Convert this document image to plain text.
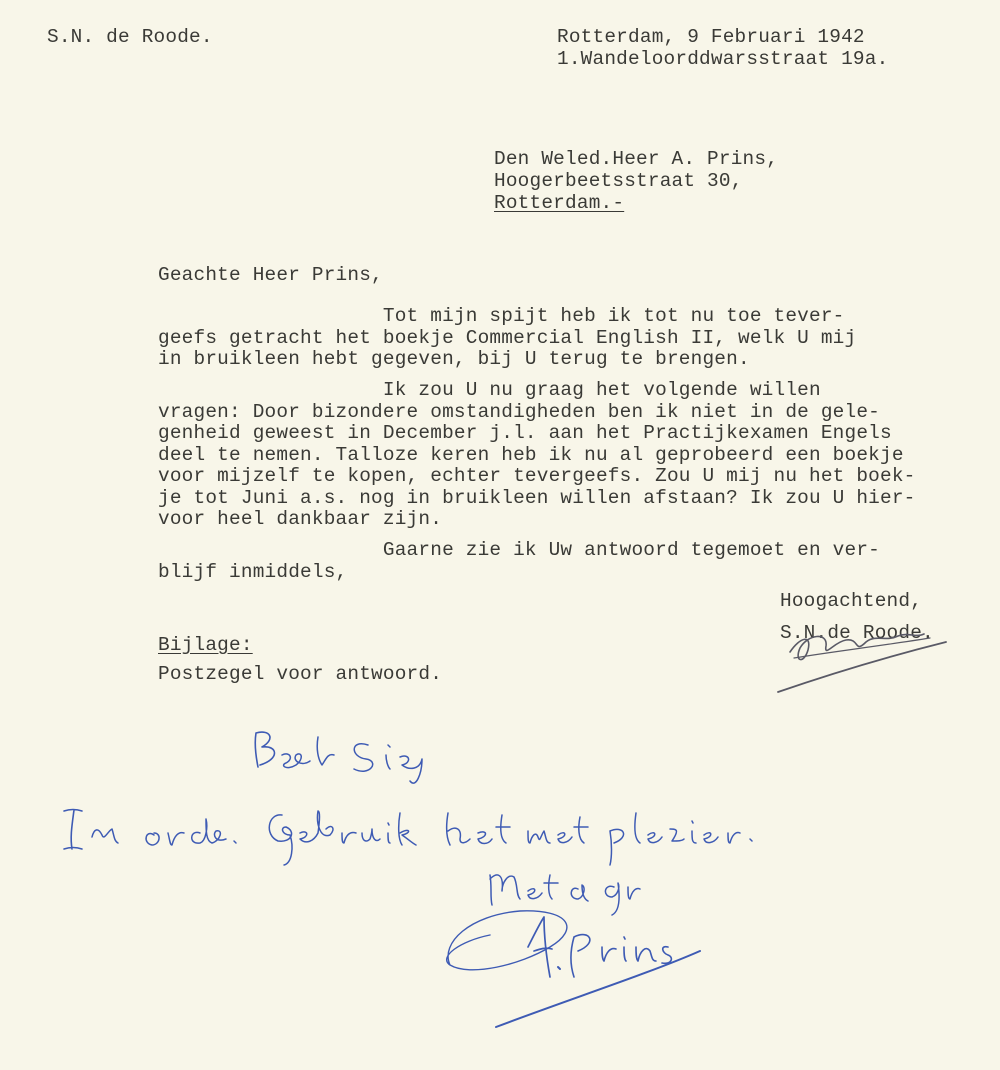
S.N. de Roode.	Rotterdam, 9 Februari 1942

1.Wandeloorddwarsstraat 19a.

Den Weled.Heer A. Prins,

Hoogerbeetsstraat 30,

Rotterdam.-

Geachte Heer Prins,

Tot mijn spijt heb ik tot nu toe tever-

geefs getracht het boekje Commercial English II, welk U mij

in bruikleen hebt gegeven, bij U terug te brengen.

Ik zou U nu graag het volgende willen

vragen: Door bizondere omstandigheden ben ik niet in de gele-

genheid geweest in December j.l. aan het Practijkexamen Engels

deel te nemen. Talloze keren heb ik nu al geprobeerd een boekje

voor mijzelf te kopen, echter tevergeefs. Zou U mij nu het boek-

je tot Juni a.s. nog in bruikleen willen afstaan? Ik zou U hier-

voor heel dankbaar zijn.

Gaarne zie ik Uw antwoord tegemoet en ver-

blijf inmiddels,

Hoogachtend,

S.N.de Roode.

Bijlage:

Postzegel voor antwoord.
